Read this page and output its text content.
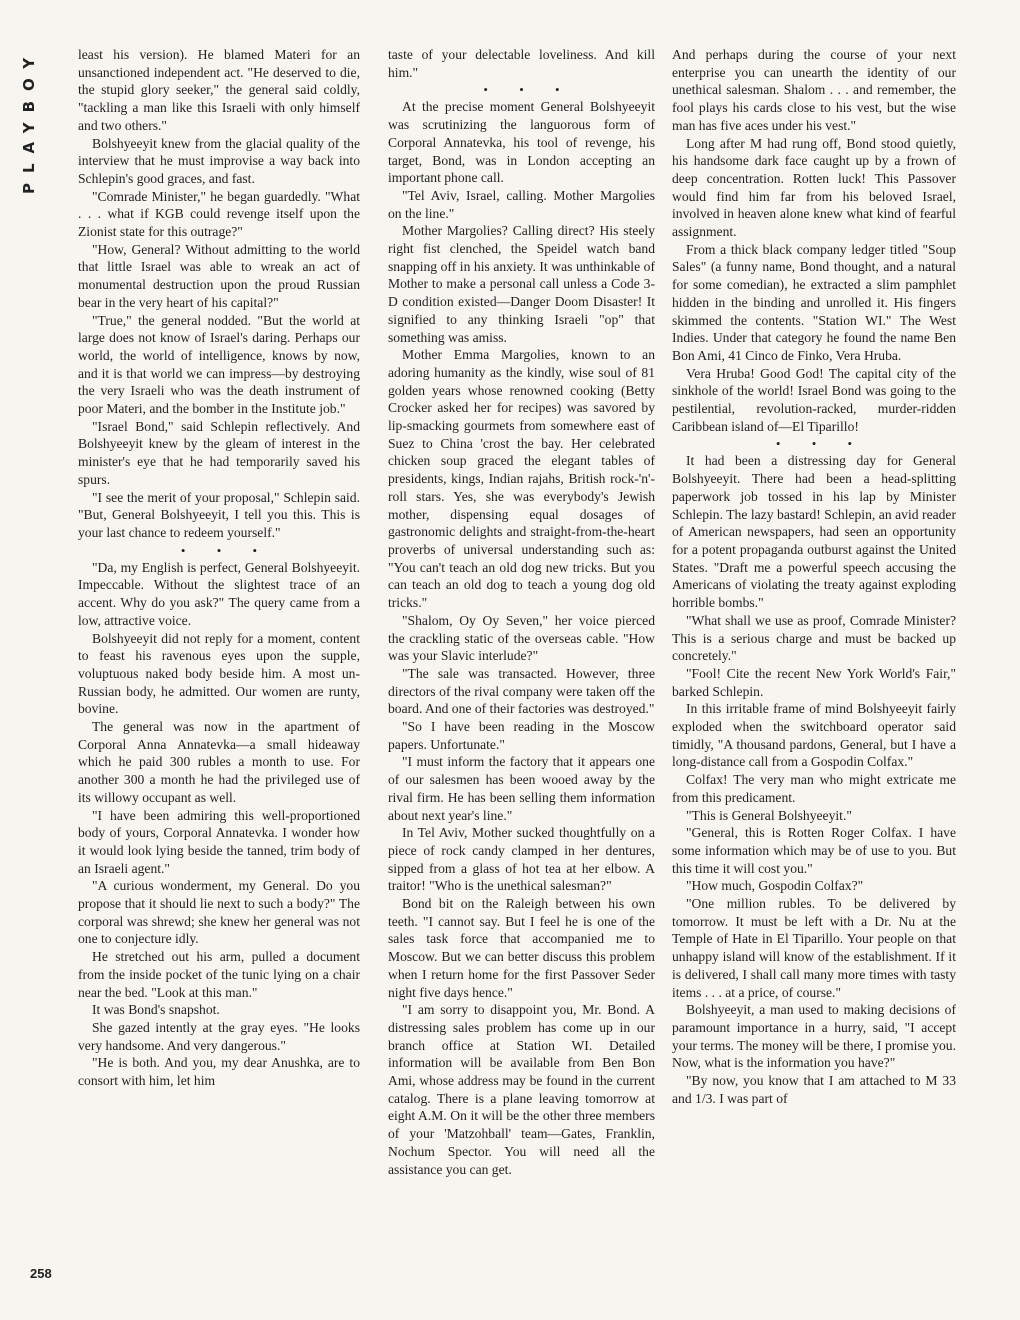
PLAYBOY	least his version). He blamed Materi for an unsanctioned independent act. "He deserved to die, the stupid glory seeker," the general said coldly, "tackling a man like this Israeli with only himself and two others."

Bolshyeeyit knew from the glacial quality of the interview that he must improvise a way back into Schlepin's good graces, and fast.

"Comrade Minister," he began guardedly. "What . . . what if KGB could revenge itself upon the Zionist state for this outrage?"

"How, General? Without admitting to the world that little Israel was able to wreak an act of monumental destruction upon the proud Russian bear in the very heart of his capital?"

"True," the general nodded. "But the world at large does not know of Israel's daring. Perhaps our world, the world of intelligence, knows by now, and it is that world we can impress—by destroying the very Israeli who was the death instrument of poor Materi, and the bomber in the Institute job."

"Israel Bond," said Schlepin reflectively. And Bolshyeeyit knew by the gleam of interest in the minister's eye that he had temporarily saved his spurs.

"I see the merit of your proposal," Schlepin said. "But, General Bolshyeeyit, I tell you this. This is your last chance to redeem yourself."

• • •

"Da, my English is perfect, General Bolshyeeyit. Impeccable. Without the slightest trace of an accent. Why do you ask?" The query came from a low, attractive voice.

Bolshyeeyit did not reply for a moment, content to feast his ravenous eyes upon the supple, voluptuous naked body beside him. A most un-Russian body, he admitted. Our women are runty, bovine.

The general was now in the apartment of Corporal Anna Annatevka—a small hideaway which he paid 300 rubles a month to use. For another 300 a month he had the privileged use of its willowy occupant as well.

"I have been admiring this well-proportioned body of yours, Corporal Annatevka. I wonder how it would look lying beside the tanned, trim body of an Israeli agent."

"A curious wonderment, my General. Do you propose that it should lie next to such a body?" The corporal was shrewd; she knew her general was not one to conjecture idly.

He stretched out his arm, pulled a document from the inside pocket of the tunic lying on a chair near the bed. "Look at this man."

It was Bond's snapshot.

She gazed intently at the gray eyes. "He looks very handsome. And very dangerous."

"He is both. And you, my dear Anushka, are to consort with him, let him

taste of your delectable loveliness. And kill him."

• • •

At the precise moment General Bolshyeeyit was scrutinizing the languorous form of Corporal Annatevka, his tool of revenge, his target, Bond, was in London accepting an important phone call.

"Tel Aviv, Israel, calling. Mother Margolies on the line."

Mother Margolies? Calling direct? His steely right fist clenched, the Speidel watch band snapping off in his anxiety. It was unthinkable of Mother to make a personal call unless a Code 3-D condition existed—Danger Doom Disaster! It signified to any thinking Israeli "op" that something was amiss.

Mother Emma Margolies, known to an adoring humanity as the kindly, wise soul of 81 golden years whose renowned cooking (Betty Crocker asked her for recipes) was savored by lip-smacking gourmets from somewhere east of Suez to China 'crost the bay. Her celebrated chicken soup graced the elegant tables of presidents, kings, Indian rajahs, British rock-'n'-roll stars. Yes, she was everybody's Jewish mother, dispensing equal dosages of gastronomic delights and straight-from-the-heart proverbs of universal understanding such as: "You can't teach an old dog new tricks. But you can teach an old dog to teach a young dog old tricks."

"Shalom, Oy Oy Seven," her voice pierced the crackling static of the overseas cable. "How was your Slavic interlude?"

"The sale was transacted. However, three directors of the rival company were taken off the board. And one of their factories was destroyed."

"So I have been reading in the Moscow papers. Unfortunate."

"I must inform the factory that it appears one of our salesmen has been wooed away by the rival firm. He has been selling them information about next year's line."

In Tel Aviv, Mother sucked thoughtfully on a piece of rock candy clamped in her dentures, sipped from a glass of hot tea at her elbow. A traitor! "Who is the unethical salesman?"

Bond bit on the Raleigh between his own teeth. "I cannot say. But I feel he is one of the sales task force that accompanied me to Moscow. But we can better discuss this problem when I return home for the first Passover Seder night five days hence."

"I am sorry to disappoint you, Mr. Bond. A distressing sales problem has come up in our branch office at Station WI. Detailed information will be available from Ben Bon Ami, whose address may be found in the current catalog. There is a plane leaving tomorrow at eight A.M. On it will be the other three members of your 'Matzohball' team—Gates, Franklin, Nochum Spector. You will need all the assistance you can get.

And perhaps during the course of your next enterprise you can unearth the identity of our unethical salesman. Shalom . . . and remember, the fool plays his cards close to his vest, but the wise man has five aces under his vest."

Long after M had rung off, Bond stood quietly, his handsome dark face caught up by a frown of deep concentration. Rotten luck! This Passover would find him far from his beloved Israel, involved in heaven alone knew what kind of fearful assignment.

From a thick black company ledger titled "Soup Sales" (a funny name, Bond thought, and a natural for some comedian), he extracted a slim pamphlet hidden in the binding and unrolled it. His fingers skimmed the contents. "Station WI." The West Indies. Under that category he found the name Ben Bon Ami, 41 Cinco de Finko, Vera Hruba.

Vera Hruba! Good God! The capital city of the sinkhole of the world! Israel Bond was going to the pestilential, revolution-racked, murder-ridden Caribbean island of—El Tiparillo!

• • •

It had been a distressing day for General Bolshyeeyit. There had been a head-splitting paperwork job tossed in his lap by Minister Schlepin. The lazy bastard! Schlepin, an avid reader of American newspapers, had seen an opportunity for a potent propaganda outburst against the United States. "Draft me a powerful speech accusing the Americans of violating the treaty against exploding horrible bombs."

"What shall we use as proof, Comrade Minister? This is a serious charge and must be backed up concretely."

"Fool! Cite the recent New York World's Fair," barked Schlepin.

In this irritable frame of mind Bolshyeeyit fairly exploded when the switchboard operator said timidly, "A thousand pardons, General, but I have a long-distance call from a Gospodin Colfax."

Colfax! The very man who might extricate me from this predicament.

"This is General Bolshyeeyit."

"General, this is Rotten Roger Colfax. I have some information which may be of use to you. But this time it will cost you."

"How much, Gospodin Colfax?"

"One million rubles. To be delivered by tomorrow. It must be left with a Dr. Nu at the Temple of Hate in El Tiparillo. Your people on that unhappy island will know of the establishment. If it is delivered, I shall call many more times with tasty items . . . at a price, of course."

Bolshyeeyit, a man used to making decisions of paramount importance in a hurry, said, "I accept your terms. The money will be there, I promise you. Now, what is the information you have?"

"By now, you know that I am attached to M 33 and 1/3. I was part of

258
